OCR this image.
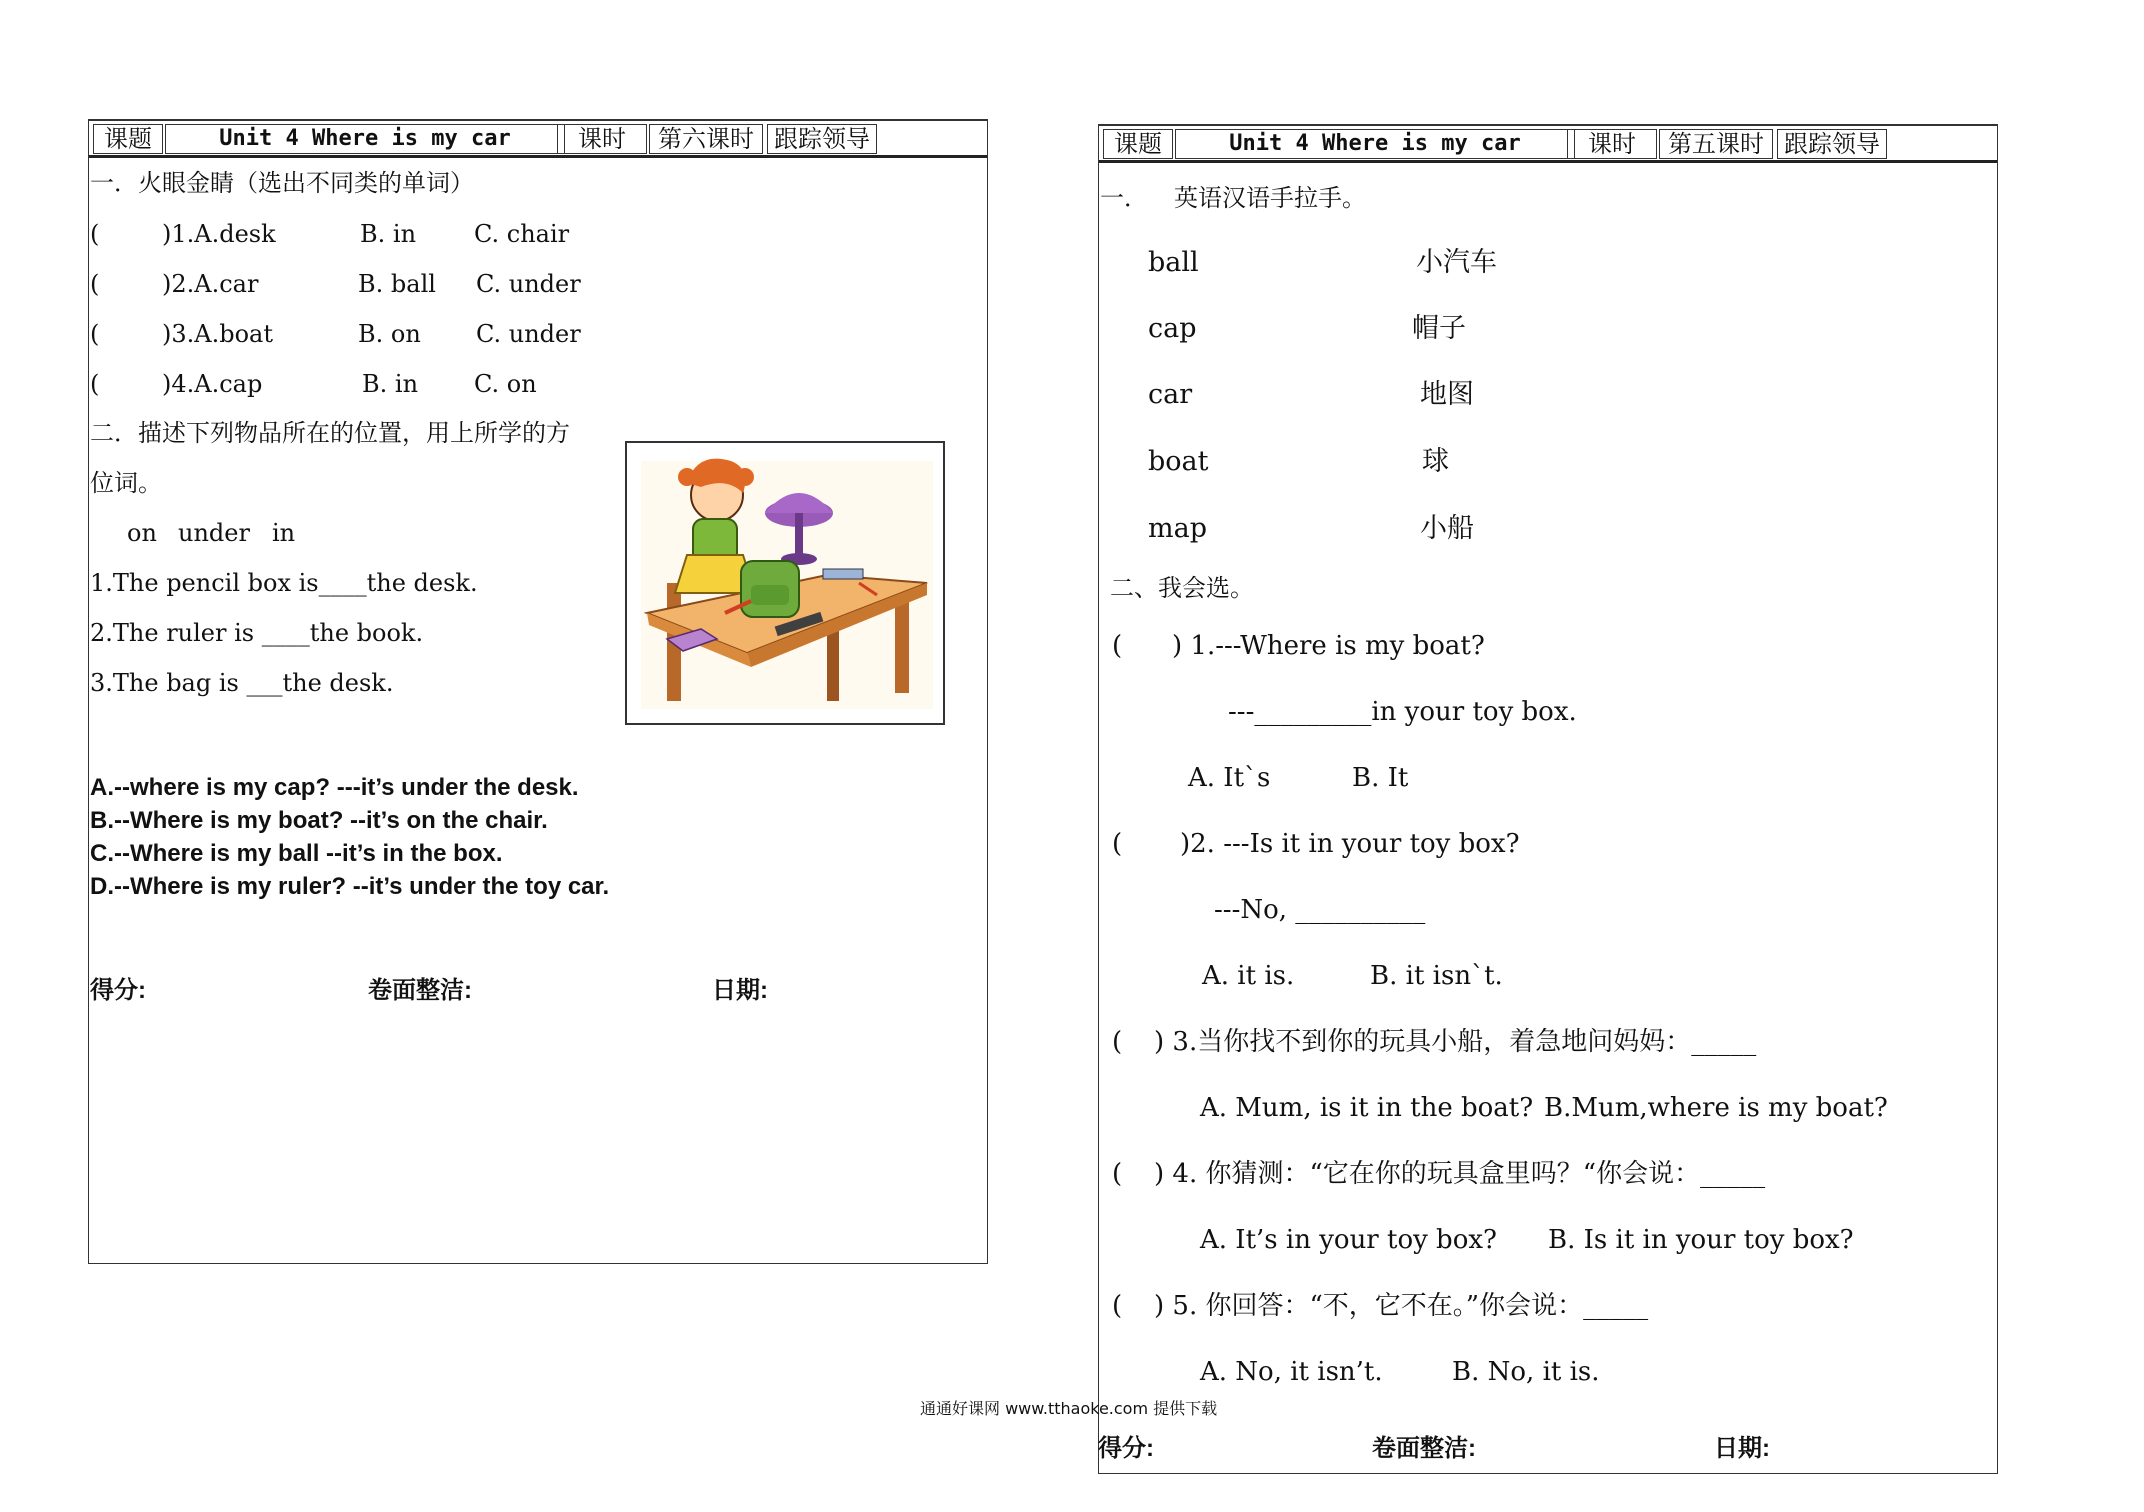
课题	Unit 4 Where is my car	课时	第六课时 跟踪领导
一．火眼金睛（选出不同类的单词）
(	)1.A.desk	B. in C. chair
(	)2.A.car	B. ball C. under
(	)3.A.boat	B. on C. under
(	)4.A.cap	B. in C. on
二．描述下列物品所在的位置，用上所学的方
位词。
on under in
1.The pencil box is____the desk.
2.The ruler is ____the book.
3.The bag is ___the desk.
A.--where is my cap? ---it’s under the desk.
B.--Where is my boat? --it’s on the chair.
C.--Where is my ball --it’s in the box.
D.--Where is my ruler? --it’s under the toy car.
得分:	卷面整洁:	日期:
课题	Unit 4 Where is my car	课时	第五课时 跟踪领导
一． 英语汉语手拉手。
ball	小汽车
cap	帽子
car	地图
boat	球
map	小船
二、我会选。
( ) 1.---Where is my boat?
---_________in your toy box.
A. It`s	B. It
( )2. ---Is it in your toy box?
---No, __________
A. it is.	B. it isn`t.
( ) 3.当你找不到你的玩具小船，着急地问妈妈：_____
A. Mum, is it in the boat? B.Mum,where is my boat?
( ) 4. 你猜测：“它在你的玩具盒里吗？“你会说：_____
A. It’s in your toy box? B. Is it in your toy box?
( ) 5. 你回答：“不，它不在。”你会说：_____
A. No, it isn’t.	B. No, it is.
得分:	卷面整洁:	日期:
通通好课网 www.tthaoke.com 提供下载
